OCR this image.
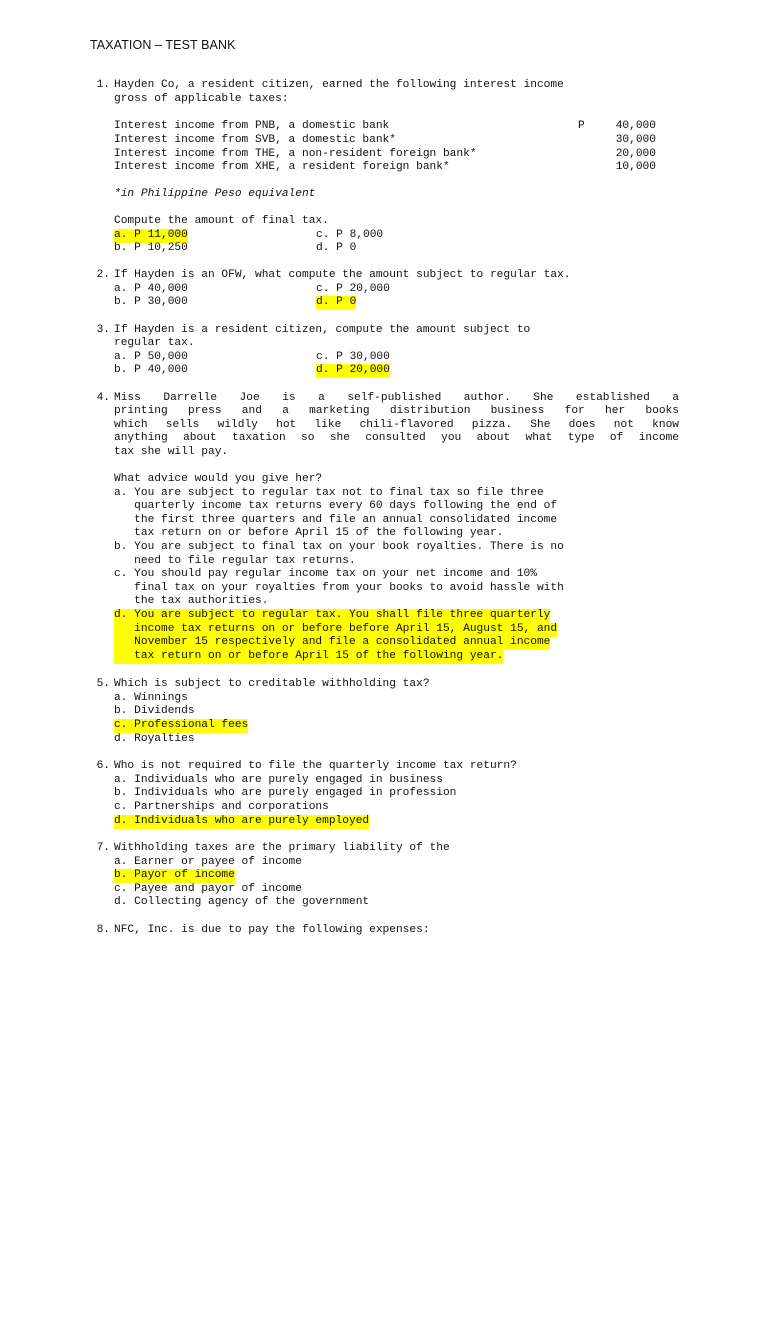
TAXATION – TEST BANK

1.

Hayden Co, a resident citizen, earned the following interest income

gross of applicable taxes:

Interest income from PNB, a domestic bank

	P

	40,000

Interest income from SVB, a domestic bank*

	30,000

Interest income from THE, a non-resident foreign bank*

	20,000

Interest income from XHE, a resident foreign bank*

	10,000

*in Philippine Peso equivalent

Compute the amount of final tax.

a. P 11,000

	c. P 8,000

b. P 10,250

	d. P 0

2.

If Hayden is an OFW, what compute the amount subject to regular tax.

a. P 40,000

	c. P 20,000

b. P 30,000

	d. P 0

3.

If Hayden is a resident citizen, compute the amount subject to

regular tax.

a. P 50,000

	c. P 30,000

b. P 40,000

	d. P 20,000

4.

Miss Darrelle Joe is a self-published author. She established a

printing press and a marketing distribution business for her books

which sells wildly hot like chili-flavored pizza. She does not know

anything about taxation so she consulted you about what type of income

tax she will pay.

What advice would you give her?

a. You are subject to regular tax not to final tax so file three

quarterly income tax returns every 60 days following the end of

the first three quarters and file an annual consolidated income

tax return on or before April 15 of the following year.

b. You are subject to final tax on your book royalties. There is no

need to file regular tax returns.

c. You should pay regular income tax on your net income and 10%

final tax on your royalties from your books to avoid hassle with

the tax authorities.

d. You are subject to regular tax. You shall file three quarterly

income tax returns on or before before April 15, August 15, and

November 15 respectively and file a consolidated annual income

tax return on or before April 15 of the following year.

5.

Which is subject to creditable withholding tax?

a. Winnings

b. Dividends

c. Professional fees

d. Royalties

6.

Who is not required to file the quarterly income tax return?

a. Individuals who are purely engaged in business

b. Individuals who are purely engaged in profession

c. Partnerships and corporations

d. Individuals who are purely employed

7.

Withholding taxes are the primary liability of the

a. Earner or payee of income

b. Payor of income

c. Payee and payor of income

d. Collecting agency of the government

8.

NFC, Inc. is due to pay the following expenses:
